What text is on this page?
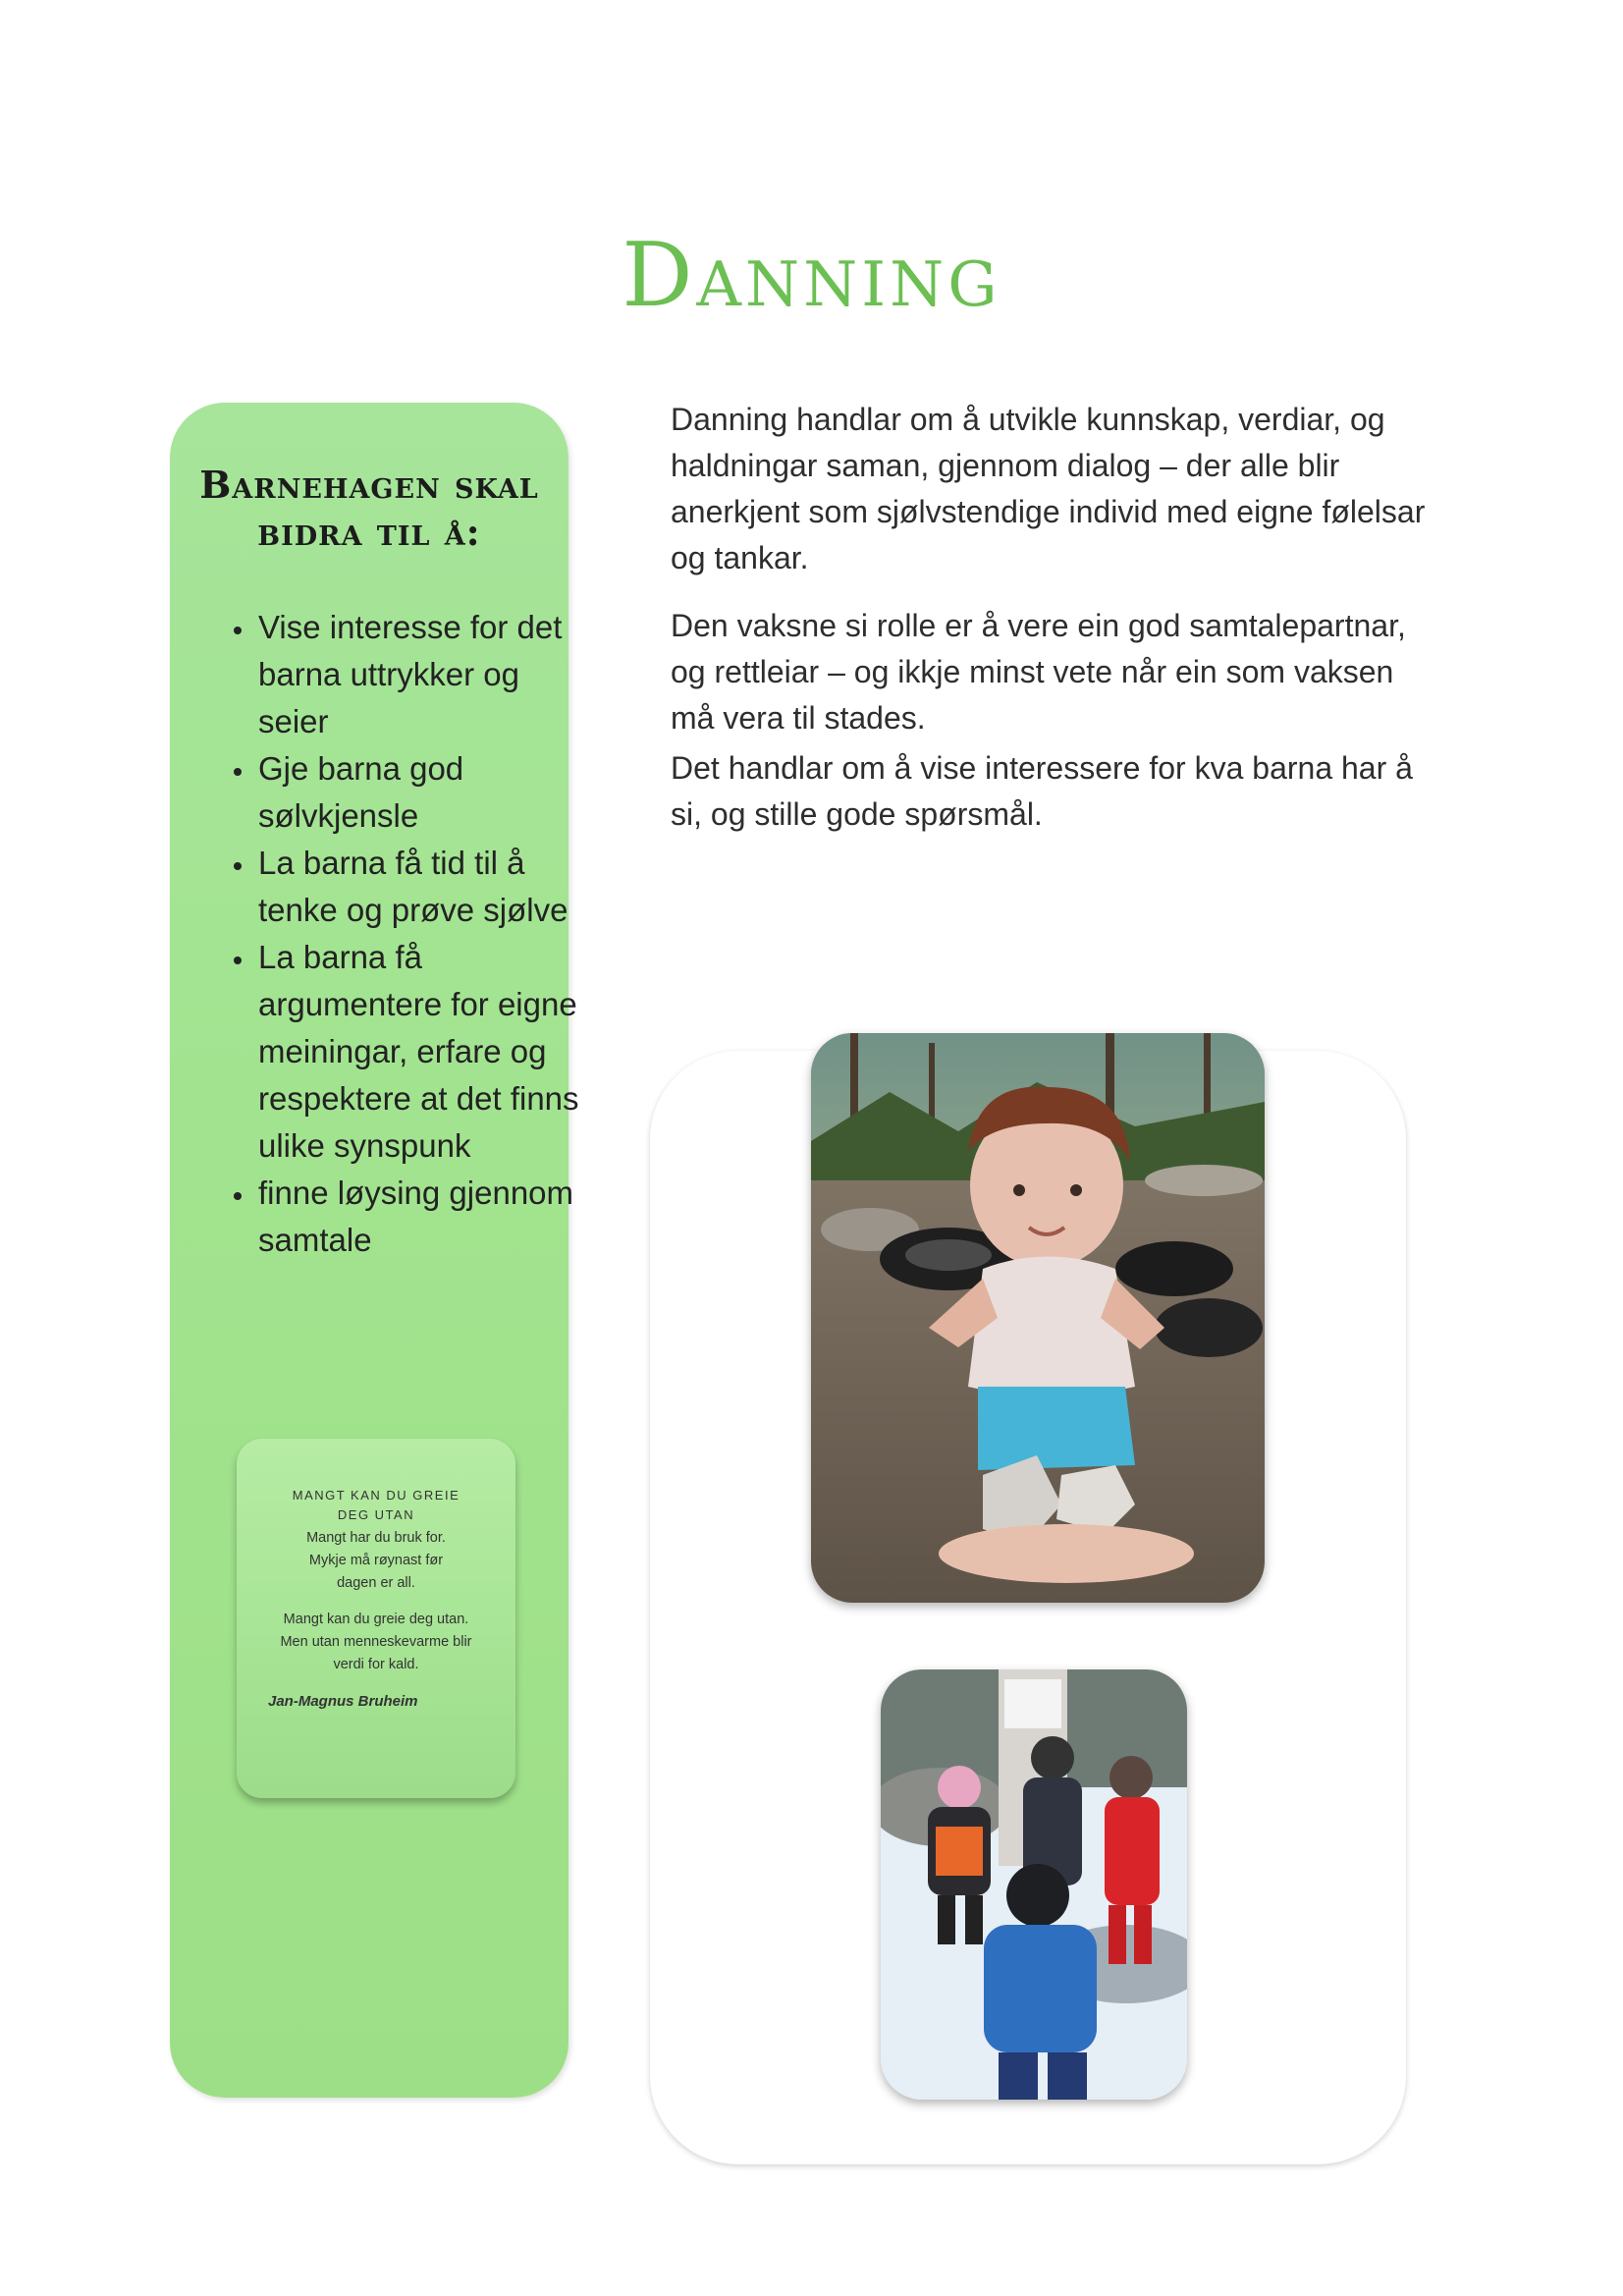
Danning
Barnehagen skal bidra til å:
• Vise interesse for det barna uttrykker og seier
• Gje barna god sølvkjensle
• La barna få tid til å tenke og prøve sjølve
• La barna få argumentere for eigne meiningar, erfare og respektere at det finns ulike synspunk
• finne løysing gjennom samtale
MANGT KAN DU GREIE DEG UTAN
Mangt har du bruk for. Mykje må røynast før dagen er all.
Mangt kan du greie deg utan. Men utan menneskevarme blir verdi for kald.
Jan-Magnus Bruheim

Danning handlar om å utvikle kunnskap, verdiar, og haldningar saman, gjennom dialog – der alle blir anerkjent som sjølvstendige individ med eigne følelsar og tankar.

Den vaksne si rolle er å vere ein god samtalepartnar, og rettleiar – og ikkje minst vete når ein som vaksen må vera til stades.

Det handlar om å vise interessere for kva barna har å si, og stille gode spørsmål.
